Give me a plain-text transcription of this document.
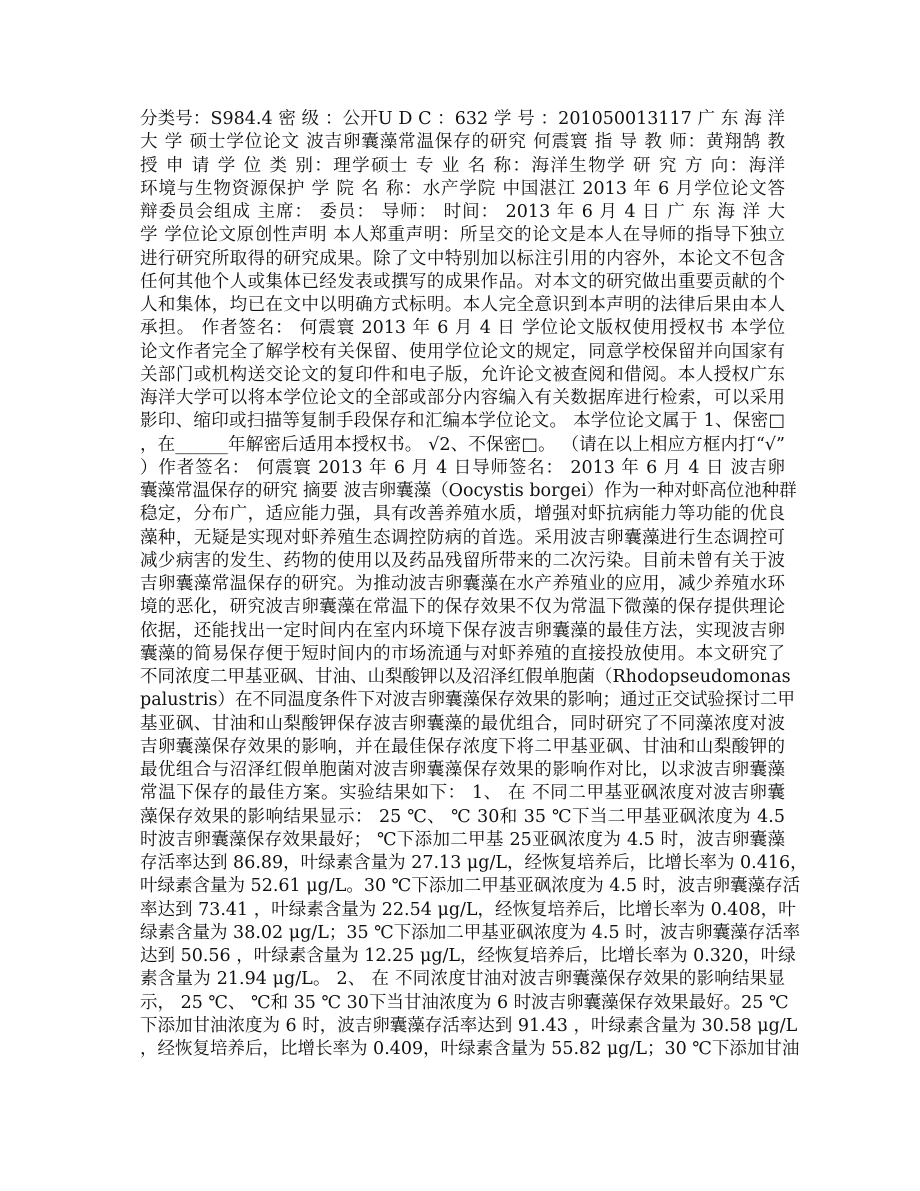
分类号：S984.4 密 级 ：公开U D C ：632 学 号 ：201050013117 广 东 海 洋
大 学 硕士学位论文 波吉卵囊藻常温保存的研究 何震寰 指 导 教 师：黄翔鹄 教
授 申 请 学 位 类 别：理学硕士 专 业 名 称：海洋生物学 研 究 方 向：海洋
环境与生物资源保护 学 院 名 称：水产学院 中国湛江 2013 年 6 月学位论文答
辩委员会组成 主席： 委员： 导师： 时间： 2013 年 6 月 4 日 广 东 海 洋 大
学 学位论文原创性声明 本人郑重声明：所呈交的论文是本人在导师的指导下独立
进行研究所取得的研究成果。除了文中特别加以标注引用的内容外，本论文不包含
任何其他个人或集体已经发表或撰写的成果作品。对本文的研究做出重要贡献的个
人和集体，均已在文中以明确方式标明。本人完全意识到本声明的法律后果由本人
承担。 作者签名： 何震寰 2013 年 6 月 4 日 学位论文版权使用授权书 本学位
论文作者完全了解学校有关保留、使用学位论文的规定，同意学校保留并向国家有
关部门或机构送交论文的复印件和电子版，允许论文被查阅和借阅。本人授权广东
海洋大学可以将本学位论文的全部或部分内容编入有关数据库进行检索，可以采用
影印、缩印或扫描等复制手段保存和汇编本学位论文。 本学位论文属于 1、保密□
，在______年解密后适用本授权书。 √2、不保密□。 （请在以上相应方框内打“√”
）作者签名： 何震寰 2013 年 6 月 4 日导师签名： 2013 年 6 月 4 日 波吉卵
囊藻常温保存的研究 摘要 波吉卵囊藻（Oocystis borgei）作为一种对虾高位池种群
稳定，分布广，适应能力强，具有改善养殖水质，增强对虾抗病能力等功能的优良
藻种，无疑是实现对虾养殖生态调控防病的首选。采用波吉卵囊藻进行生态调控可
减少病害的发生、药物的使用以及药品残留所带来的二次污染。目前未曾有关于波
吉卵囊藻常温保存的研究。为推动波吉卵囊藻在水产养殖业的应用，减少养殖水环
境的恶化，研究波吉卵囊藻在常温下的保存效果不仅为常温下微藻的保存提供理论
依据，还能找出一定时间内在室内环境下保存波吉卵囊藻的最佳方法，实现波吉卵
囊藻的简易保存便于短时间内的市场流通与对虾养殖的直接投放使用。本文研究了
不同浓度二甲基亚砜、甘油、山梨酸钾以及沼泽红假单胞菌（Rhodopseudomonas
palustris）在不同温度条件下对波吉卵囊藻保存效果的影响；通过正交试验探讨二甲
基亚砜、甘油和山梨酸钾保存波吉卵囊藻的最优组合，同时研究了不同藻浓度对波
吉卵囊藻保存效果的影响，并在最佳保存浓度下将二甲基亚砜、甘油和山梨酸钾的
最优组合与沼泽红假单胞菌对波吉卵囊藻保存效果的影响作对比，以求波吉卵囊藻
常温下保存的最佳方案。实验结果如下： 1、 在 不同二甲基亚砜浓度对波吉卵囊
藻保存效果的影响结果显示： 25 ℃、 ℃ 30和 35 ℃下当二甲基亚砜浓度为 4.5
时波吉卵囊藻保存效果最好； ℃下添加二甲基 25亚砜浓度为 4.5 时，波吉卵囊藻
存活率达到 86.89，叶绿素含量为 27.13 μg/L，经恢复培养后，比增长率为 0.416，
叶绿素含量为 52.61 μg/L。30 ℃下添加二甲基亚砜浓度为 4.5 时，波吉卵囊藻存活
率达到 73.41 ，叶绿素含量为 22.54 μg/L，经恢复培养后，比增长率为 0.408，叶
绿素含量为 38.02 μg/L；35 ℃下添加二甲基亚砜浓度为 4.5 时，波吉卵囊藻存活率
达到 50.56 ，叶绿素含量为 12.25 μg/L，经恢复培养后，比增长率为 0.320，叶绿
素含量为 21.94 μg/L。 2、 在 不同浓度甘油对波吉卵囊藻保存效果的影响结果显
示， 25 ℃、 ℃和 35 ℃ 30下当甘油浓度为 6 时波吉卵囊藻保存效果最好。25 ℃
下添加甘油浓度为 6 时，波吉卵囊藻存活率达到 91.43 ，叶绿素含量为 30.58 μg/L
，经恢复培养后，比增长率为 0.409，叶绿素含量为 55.82 μg/L；30 ℃下添加甘油
